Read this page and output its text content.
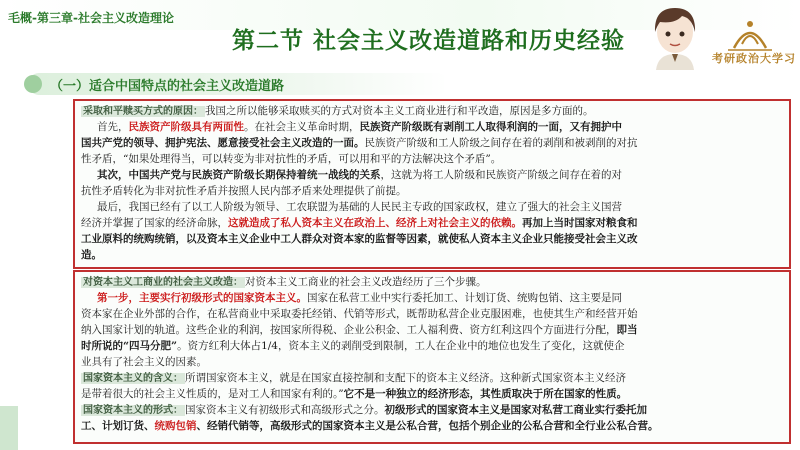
毛概-第三章-社会主义改造理论
第二节 社会主义改造道路和历史经验
考研政治大学习
（一）适合中国特点的社会主义改造道路

采取和平赎买方式的原因： 我国之所以能够采取赎买的方式对资本主义工商业进行和平改造，原因是多方面的。

首先，民族资产阶级具有两面性。在社会主义革命时期，民族资产阶级既有剥削工人取得利润的一面，又有拥护中

国共产党的领导、拥护宪法、愿意接受社会主义改造的一面。民族资产阶级和工人阶级之间存在着的剥削和被剥削的对抗

性矛盾，“如果处理得当，可以转变为非对抗性的矛盾，可以用和平的方法解决这个矛盾”。

其次，中国共产党与民族资产阶级长期保持着统一战线的关系，这就为将工人阶级和民族资产阶级之间存在着的对

抗性矛盾转化为非对抗性矛盾并按照人民内部矛盾来处理提供了前提。

最后，我国已经有了以工人阶级为领导、工农联盟为基础的人民民主专政的国家政权，建立了强大的社会主义国营

经济并掌握了国家的经济命脉，这就造成了私人资本主义在政治上、经济上对社会主义的依赖。再加上当时国家对粮食和

工业原料的统购统销，以及资本主义企业中工人群众对资本家的监督等因素，就使私人资本主义企业只能接受社会主义改

造。

对资本主义工商业的社会主义改造： 对资本主义工商业的社会主义改造经历了三个步骤。

第一步，主要实行初级形式的国家资本主义。国家在私营工业中实行委托加工、计划订货、统购包销、这主要是同

资本家在企业外部的合作，在私营商业中采取委托经销、代销等形式，既帮助私营企业克服困难，也使其生产和经营开始

纳入国家计划的轨道。这些企业的利润，按国家所得税、企业公积金、工人福利费、资方红利这四个方面进行分配，即当

时所说的“四马分肥”。资方红利大体占1/4，资本主义的剥削受到限制，工人在企业中的地位也发生了变化，这就使企

业具有了社会主义的因素。

国家资本主义的含义： 所谓国家资本主义，就是在国家直接控制和支配下的资本主义经济。这种新式国家资本主义经济

是带着很大的社会主义性质的，是对工人和国家有利的。”它不是一种独立的经济形态，其性质取决于所在国家的性质。

国家资本主义的形式： 国家资本主义有初级形式和高级形式之分。初级形式的国家资本主义是国家对私营工商业实行委托加

工、计划订货、统购包销、经销代销等，高级形式的国家资本主义是公私合营，包括个别企业的公私合营和全行业公私合营。
